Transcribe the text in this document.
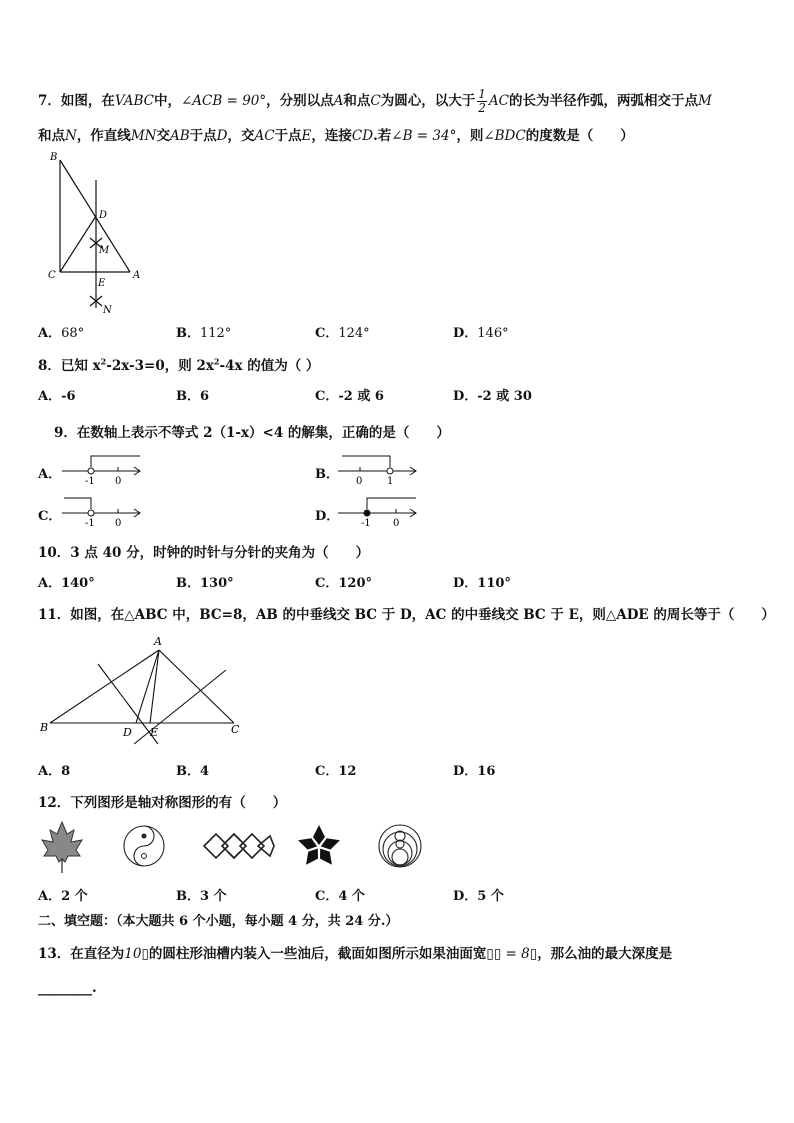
7．如图，在VABC中，∠ACB = 90°，分别以点A和点C为圆心，以大于 $\frac{1}{2}$ AC的长为半径作弧，两弧相交于点M
和点N，作直线MN交AB于点D，交AC于点E，连接CD.若∠B = 34°，则∠BDC的度数是（　　）
B
D
M
C
E
A
N
A．68°	B．112°	C．124°	D．146°
8．已知 $x^2-2x-3=0$，则 $2x^2-4x$ 的值为（ ）
A．-6	B．6	C．-2 或 6	D．-2 或 30
9．在数轴上表示不等式 2（1-x）<4 的解集，正确的是（　　）
A． -1 0	B． 0 1
C． -1 0	D． -1 0
10．3 点 40 分，时钟的时针与分针的夹角为（　　）
A．140°	B．130°	C．120°	D．110°
11．如图，在△ABC 中，BC=8，AB 的中垂线交 BC 于 D，AC 的中垂线交 BC 于 E，则△ADE 的周长等于（　　）
A
B	C
D E
A．8	B．4	C．12	D．16
12．下列图形是轴对称图形的有（　　）
A．2 个	B．3 个	C．4 个	D．5 个
二、填空题：（本大题共 6 个小题，每小题 4 分，共 24 分.）
13．在直径为10▯的圆柱形油槽内装入一些油后，截面如图所示如果油面宽▯▯ = 8▯，那么油的最大深度是
________.
